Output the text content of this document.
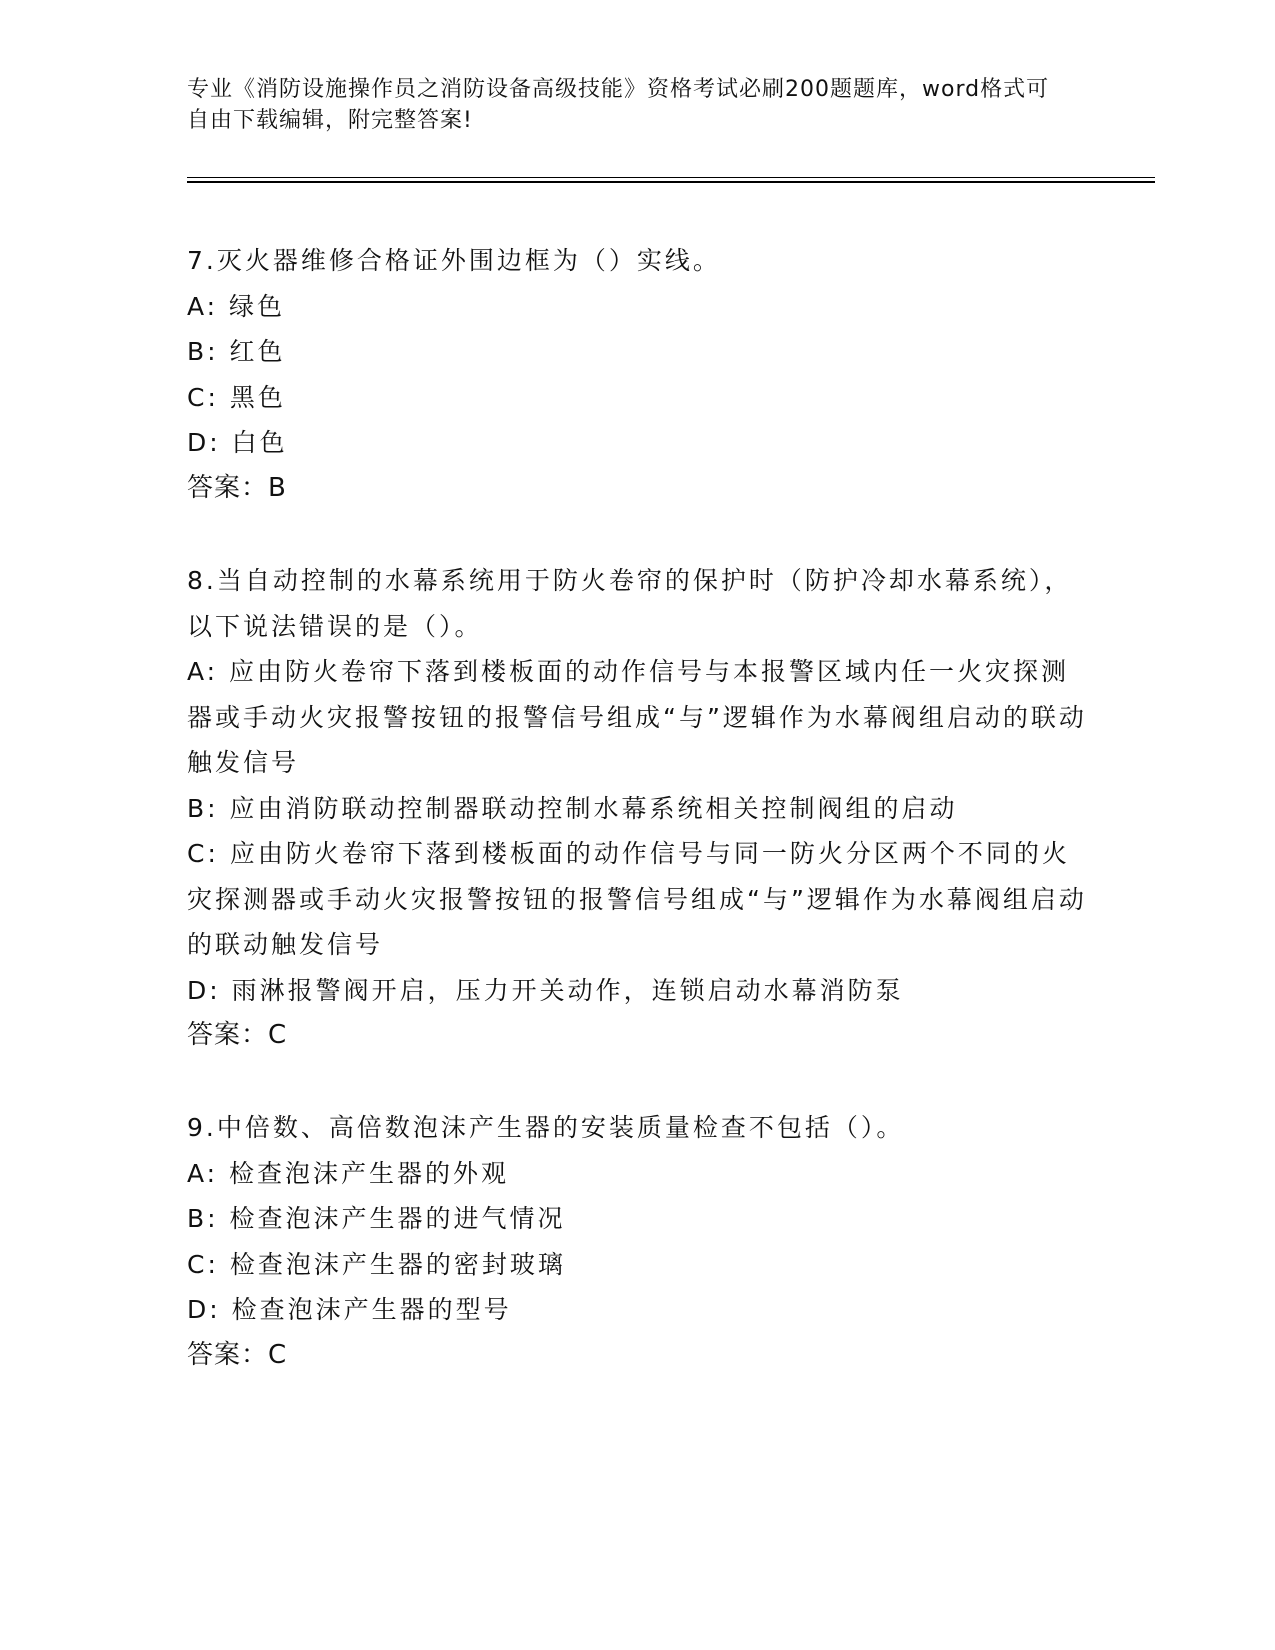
专业《消防设施操作员之消防设备高级技能》资格考试必刷200题题库，word格式可自由下载编辑，附完整答案!
7.灭火器维修合格证外围边框为（）实线。
A: 绿色
B: 红色
C: 黑色
D: 白色
答案：B
8.当自动控制的水幕系统用于防火卷帘的保护时（防护冷却水幕系统），以下说法错误的是（）。
A: 应由防火卷帘下落到楼板面的动作信号与本报警区域内任一火灾探测器或手动火灾报警按钮的报警信号组成“与”逻辑作为水幕阀组启动的联动触发信号
B: 应由消防联动控制器联动控制水幕系统相关控制阀组的启动
C: 应由防火卷帘下落到楼板面的动作信号与同一防火分区两个不同的火灾探测器或手动火灾报警按钮的报警信号组成“与”逻辑作为水幕阀组启动的联动触发信号
D: 雨淋报警阀开启，压力开关动作，连锁启动水幕消防泵
答案：C
9.中倍数、高倍数泡沫产生器的安装质量检查不包括（）。
A: 检查泡沫产生器的外观
B: 检查泡沫产生器的进气情况
C: 检查泡沫产生器的密封玻璃
D: 检查泡沫产生器的型号
答案：C
